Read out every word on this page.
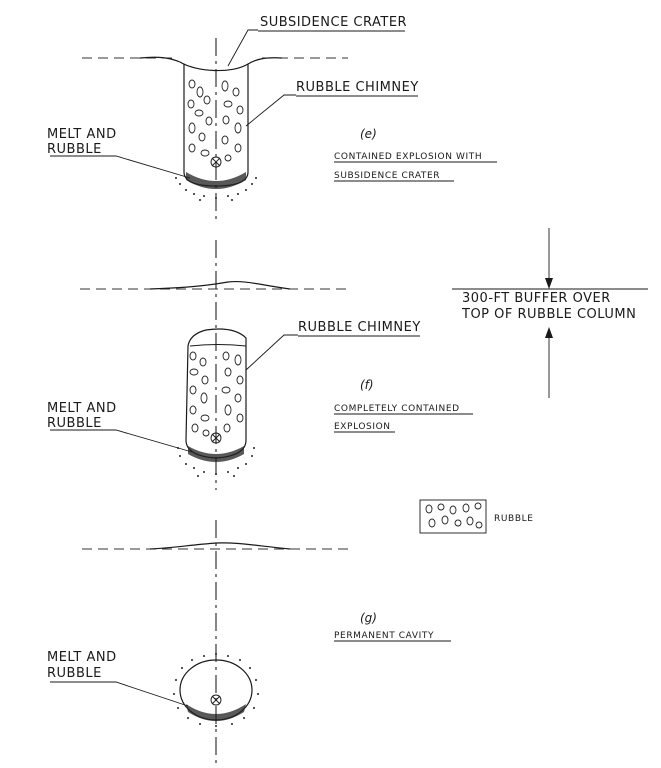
SUBSIDENCE CRATER
RUBBLE CHIMNEY
MELT AND
RUBBLE
(e)
CONTAINED EXPLOSION WITH
SUBSIDENCE CRATER
RUBBLE CHIMNEY
MELT AND
RUBBLE
(f)
COMPLETELY CONTAINED
EXPLOSION
300-FT BUFFER OVER
TOP OF RUBBLE COLUMN
RUBBLE
MELT AND
RUBBLE
(g)
PERMANENT CAVITY
